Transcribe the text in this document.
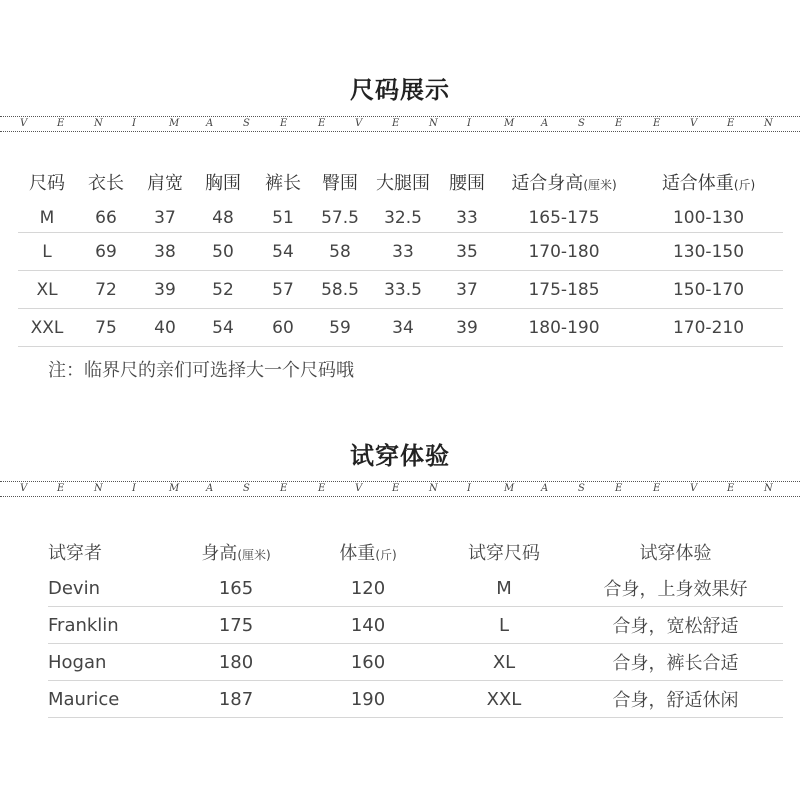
尺码展示
V	E	N	I	M	A	S	E	E	V	E	N	I	M	A	S	E	E	V	E	N
尺码	衣长	肩宽	胸围	裤长	臀围	大腿围	腰围	适合身高(厘米)	适合体重(斤)
M	66	37	48	51	57.5	32.5	33	165-175	100-130
L	69	38	50	54	58	33	35	170-180	130-150
XL	72	39	52	57	58.5	33.5	37	175-185	150-170
XXL	75	40	54	60	59	34	39	180-190	170-210
注：临界尺的亲们可选择大一个尺码哦
试穿体验
V	E	N	I	M	A	S	E	E	V	E	N	I	M	A	S	E	E	V	E	N
试穿者	身高(厘米)	体重(斤)	试穿尺码	试穿体验
Devin	165	120	M	合身，上身效果好
Franklin	175	140	L	合身，宽松舒适
Hogan	180	160	XL	合身，裤长合适
Maurice	187	190	XXL	合身，舒适休闲
